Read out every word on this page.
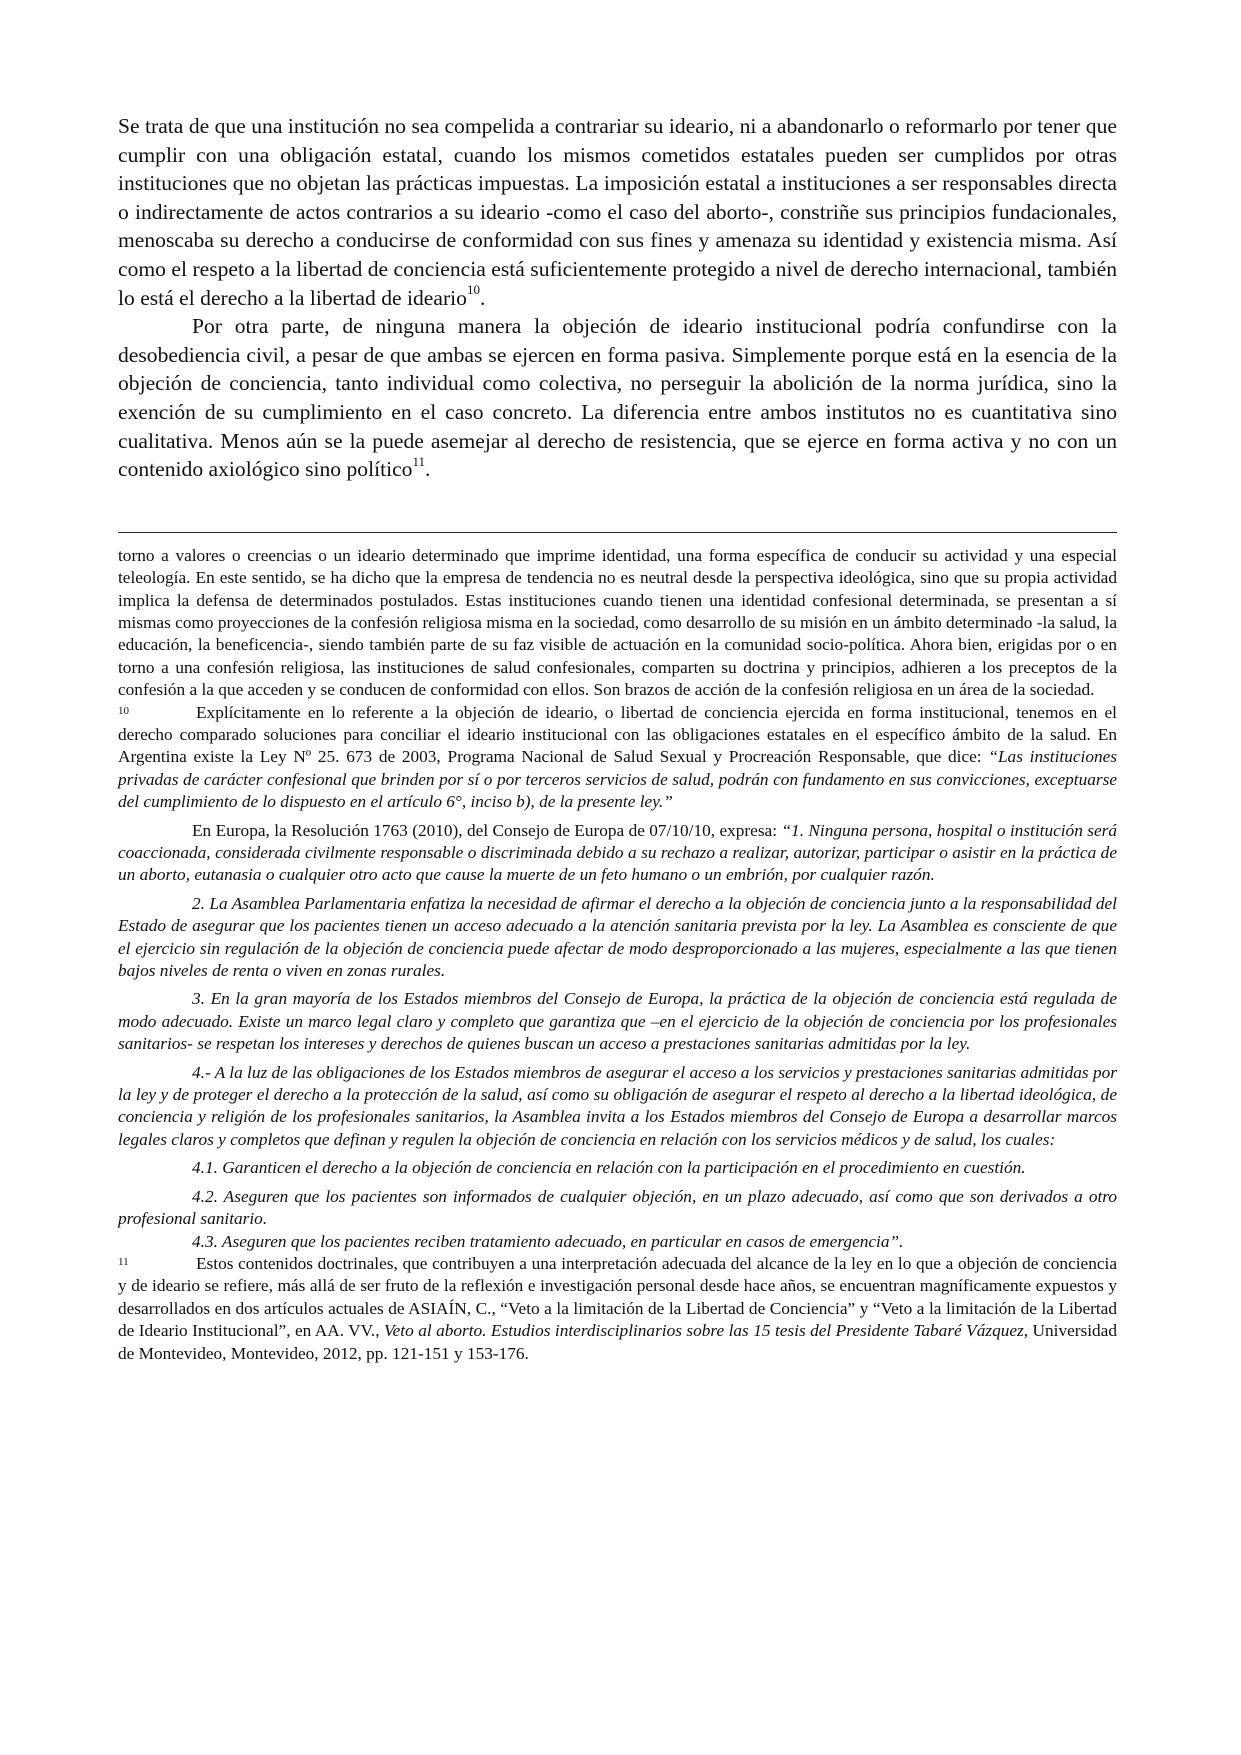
Se trata de que una institución no sea compelida a contrariar su ideario, ni a abandonarlo o reformarlo por tener que cumplir con una obligación estatal, cuando los mismos cometidos estatales pueden ser cumplidos por otras instituciones que no objetan las prácticas impuestas. La imposición estatal a instituciones a ser responsables directa o indirectamente de actos contrarios a su ideario -como el caso del aborto-, constriñe sus principios fundacionales, menoscaba su derecho a conducirse de conformidad con sus fines y amenaza su identidad y existencia misma. Así como el respeto a la libertad de conciencia está suficientemente protegido a nivel de derecho internacional, también lo está el derecho a la libertad de ideario$^{10}$.

Por otra parte, de ninguna manera la objeción de ideario institucional podría confundirse con la desobediencia civil, a pesar de que ambas se ejercen en forma pasiva. Simplemente porque está en la esencia de la objeción de conciencia, tanto individual como colectiva, no perseguir la abolición de la norma jurídica, sino la exención de su cumplimiento en el caso concreto. La diferencia entre ambos institutos no es cuantitativa sino cualitativa. Menos aún se la puede asemejar al derecho de resistencia, que se ejerce en forma activa y no con un contenido axiológico sino político$^{11}$.

torno a valores o creencias o un ideario determinado que imprime identidad, una forma específica de conducir su actividad y una especial teleología. En este sentido, se ha dicho que la empresa de tendencia no es neutral desde la perspectiva ideológica, sino que su propia actividad implica la defensa de determinados postulados. Estas instituciones cuando tienen una identidad confesional determinada, se presentan a sí mismas como proyecciones de la confesión religiosa misma en la sociedad, como desarrollo de su misión en un ámbito determinado -la salud, la educación, la beneficencia-, siendo también parte de su faz visible de actuación en la comunidad socio-política. Ahora bien, erigidas por o en torno a una confesión religiosa, las instituciones de salud confesionales, comparten su doctrina y principios, adhieren a los preceptos de la confesión a la que acceden y se conducen de conformidad con ellos. Son brazos de acción de la confesión religiosa en un área de la sociedad.

$^{10}$	Explícitamente en lo referente a la objeción de ideario, o libertad de conciencia ejercida en forma institucional, tenemos en el derecho comparado soluciones para conciliar el ideario institucional con las obligaciones estatales en el específico ámbito de la salud. En Argentina existe la Ley Nº 25. 673 de 2003, Programa Nacional de Salud Sexual y Procreación Responsable, que dice: “Las instituciones privadas de carácter confesional que brinden por sí o por terceros servicios de salud, podrán con fundamento en sus convicciones, exceptuarse del cumplimiento de lo dispuesto en el artículo 6°, inciso b), de la presente ley.”

En Europa, la Resolución 1763 (2010), del Consejo de Europa de 07/10/10, expresa: “1. Ninguna persona, hospital o institución será coaccionada, considerada civilmente responsable o discriminada debido a su rechazo a realizar, autorizar, participar o asistir en la práctica de un aborto, eutanasia o cualquier otro acto que cause la muerte de un feto humano o un embrión, por cualquier razón.

2. La Asamblea Parlamentaria enfatiza la necesidad de afirmar el derecho a la objeción de conciencia junto a la responsabilidad del Estado de asegurar que los pacientes tienen un acceso adecuado a la atención sanitaria prevista por la ley. La Asamblea es consciente de que el ejercicio sin regulación de la objeción de conciencia puede afectar de modo desproporcionado a las mujeres, especialmente a las que tienen bajos niveles de renta o viven en zonas rurales.

3. En la gran mayoría de los Estados miembros del Consejo de Europa, la práctica de la objeción de conciencia está regulada de modo adecuado. Existe un marco legal claro y completo que garantiza que –en el ejercicio de la objeción de conciencia por los profesionales sanitarios- se respetan los intereses y derechos de quienes buscan un acceso a prestaciones sanitarias admitidas por la ley.

4.- A la luz de las obligaciones de los Estados miembros de asegurar el acceso a los servicios y prestaciones sanitarias admitidas por la ley y de proteger el derecho a la protección de la salud, así como su obligación de asegurar el respeto al derecho a la libertad ideológica, de conciencia y religión de los profesionales sanitarios, la Asamblea invita a los Estados miembros del Consejo de Europa a desarrollar marcos legales claros y completos que definan y regulen la objeción de conciencia en relación con los servicios médicos y de salud, los cuales:

4.1. Garanticen el derecho a la objeción de conciencia en relación con la participación en el procedimiento en cuestión.

4.2. Aseguren que los pacientes son informados de cualquier objeción, en un plazo adecuado, así como que son derivados a otro profesional sanitario.

4.3. Aseguren que los pacientes reciben tratamiento adecuado, en particular en casos de emergencia”.

$^{11}$	Estos contenidos doctrinales, que contribuyen a una interpretación adecuada del alcance de la ley en lo que a objeción de conciencia y de ideario se refiere, más allá de ser fruto de la reflexión e investigación personal desde hace años, se encuentran magníficamente expuestos y desarrollados en dos artículos actuales de ASIAÍN, C., “Veto a la limitación de la Libertad de Conciencia” y “Veto a la limitación de la Libertad de Ideario Institucional”, en AA. VV., Veto al aborto. Estudios interdisciplinarios sobre las 15 tesis del Presidente Tabaré Vázquez, Universidad de Montevideo, Montevideo, 2012, pp. 121-151 y 153-176.
